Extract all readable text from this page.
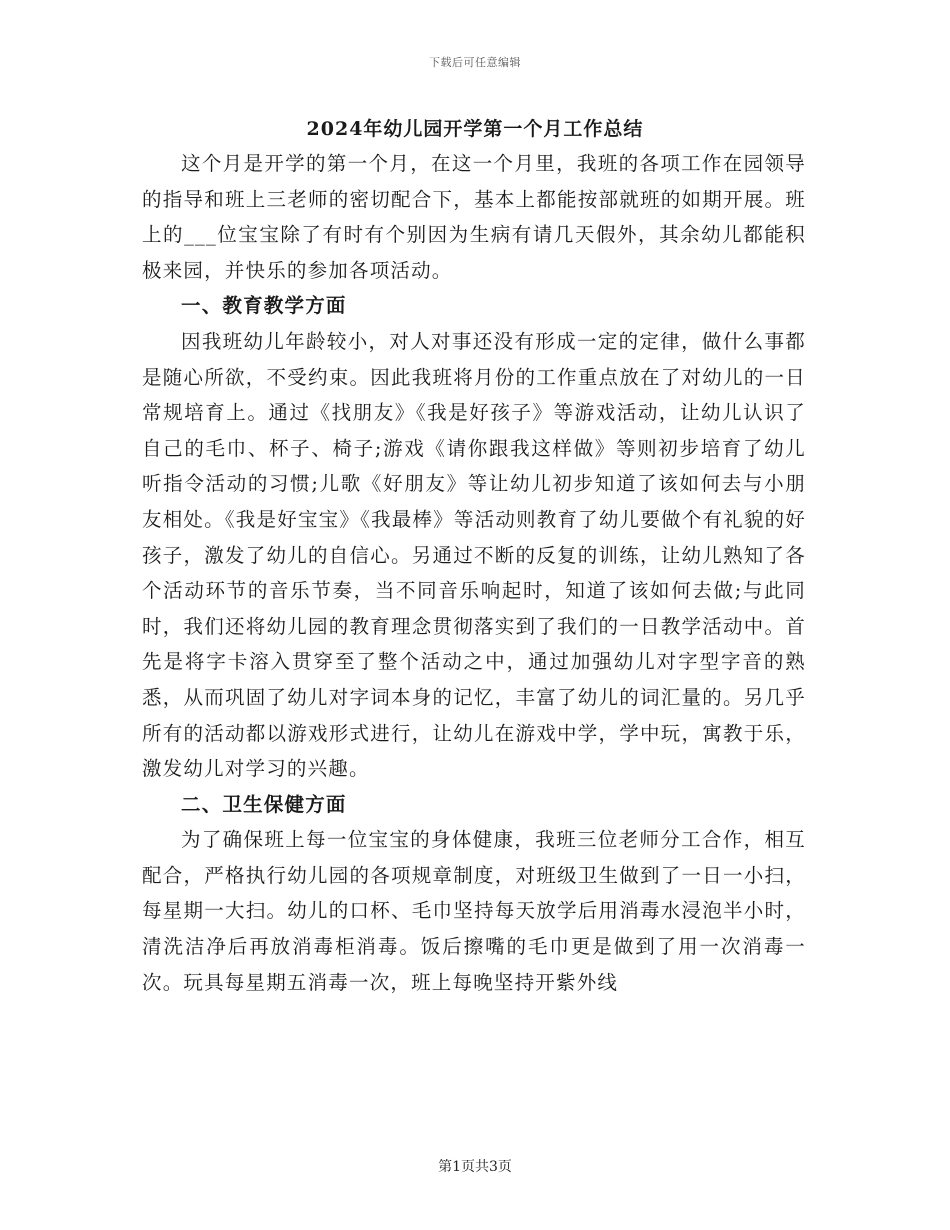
下载后可任意编辑
2024年幼儿园开学第一个月工作总结

这个月是开学的第一个月，在这一个月里，我班的各项工作在园领导的指导和班上三老师的密切配合下，基本上都能按部就班的如期开展。班上的___位宝宝除了有时有个别因为生病有请几天假外，其余幼儿都能积极来园，并快乐的参加各项活动。

一、教育教学方面

因我班幼儿年龄较小，对人对事还没有形成一定的定律，做什么事都是随心所欲，不受约束。因此我班将月份的工作重点放在了对幼儿的一日常规培育上。通过《找朋友》《我是好孩子》等游戏活动，让幼儿认识了自己的毛巾、杯子、椅子;游戏《请你跟我这样做》等则初步培育了幼儿听指令活动的习惯;儿歌《好朋友》等让幼儿初步知道了该如何去与小朋友相处。《我是好宝宝》《我最棒》等活动则教育了幼儿要做个有礼貌的好孩子，激发了幼儿的自信心。另通过不断的反复的训练，让幼儿熟知了各个活动环节的音乐节奏，当不同音乐响起时，知道了该如何去做;与此同时，我们还将幼儿园的教育理念贯彻落实到了我们的一日教学活动中。首先是将字卡溶入贯穿至了整个活动之中，通过加强幼儿对字型字音的熟悉，从而巩固了幼儿对字词本身的记忆，丰富了幼儿的词汇量的。另几乎所有的活动都以游戏形式进行，让幼儿在游戏中学，学中玩，寓教于乐，激发幼儿对学习的兴趣。

二、卫生保健方面

为了确保班上每一位宝宝的身体健康，我班三位老师分工合作，相互配合，严格执行幼儿园的各项规章制度，对班级卫生做到了一日一小扫，每星期一大扫。幼儿的口杯、毛巾坚持每天放学后用消毒水浸泡半小时，清洗洁净后再放消毒柜消毒。饭后擦嘴的毛巾更是做到了用一次消毒一次。玩具每星期五消毒一次，班上每晚坚持开紫外线

第1页共3页
